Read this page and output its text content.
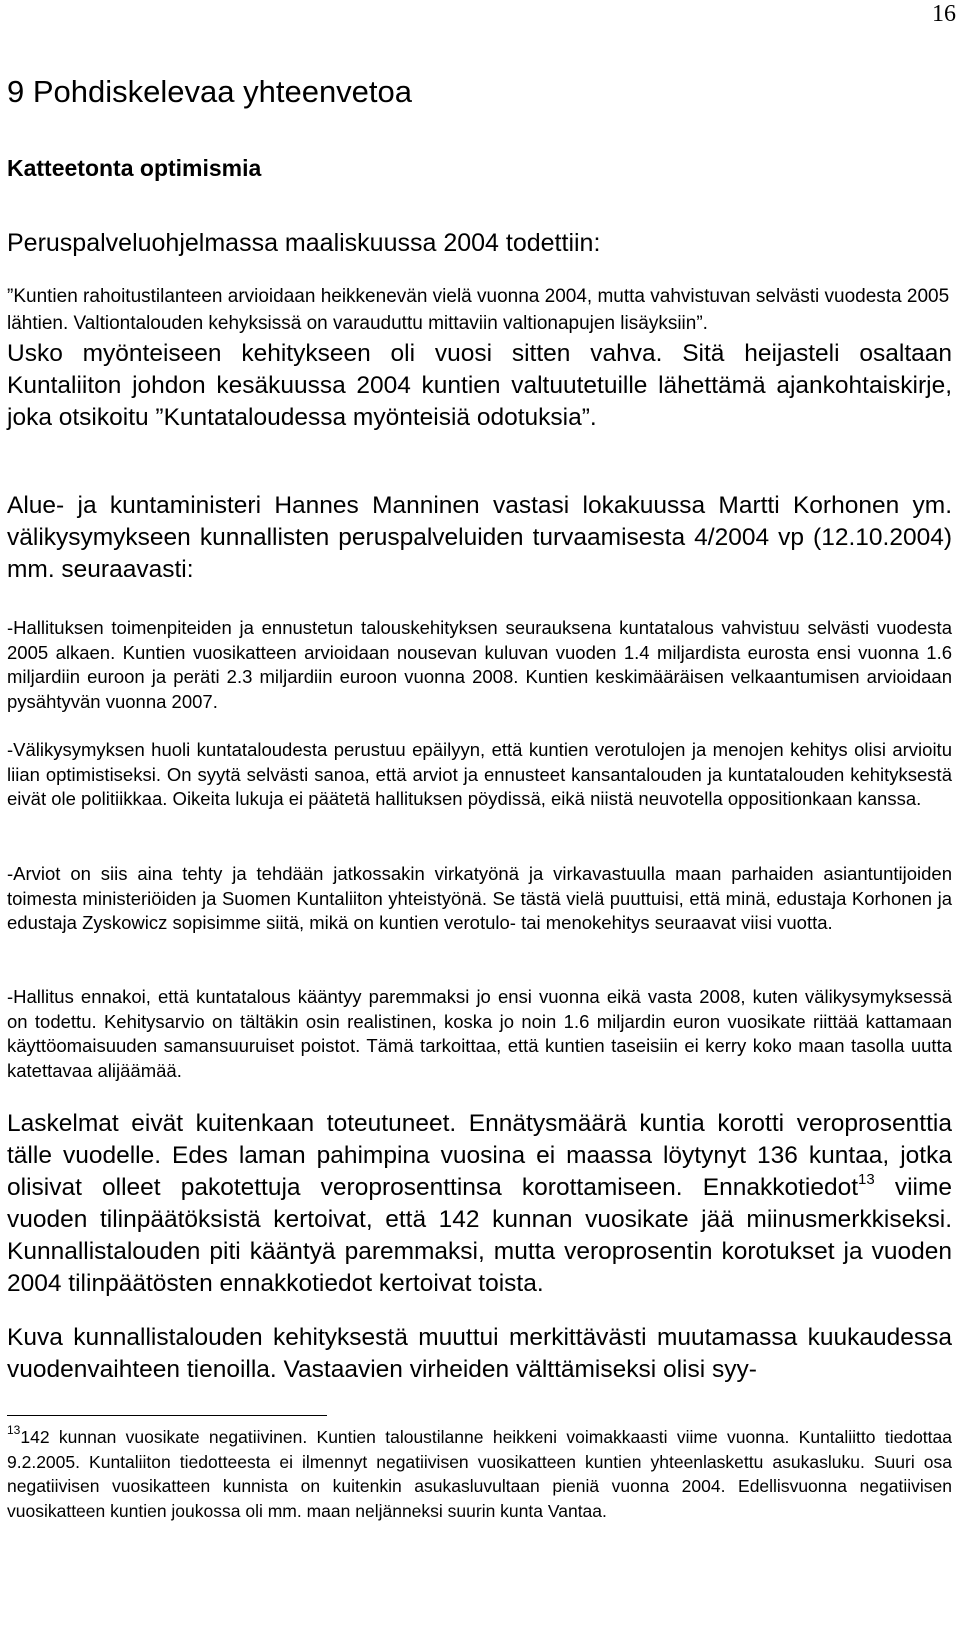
16
9 Pohdiskelevaa yhteenvetoa
Katteetonta optimismia

Peruspalveluohjelmassa maaliskuussa 2004 todettiin:

”Kuntien rahoitustilanteen arvioidaan heikkenevän vielä vuonna 2004, mutta vahvistuvan selvästi vuodesta 2005 lähtien. Valtiontalouden kehyksissä on varauduttu mittaviin valtionapujen lisäyksiin”.

Usko myönteiseen kehitykseen oli vuosi sitten vahva. Sitä heijasteli osaltaan Kuntaliiton johdon kesäkuussa 2004 kuntien valtuutetuille lähettämä ajankohtaiskirje, joka otsikoitu ”Kuntataloudessa myönteisiä odotuksia”.

Alue- ja kuntaministeri Hannes Manninen vastasi lokakuussa Martti Korhonen ym. välikysymykseen kunnallisten peruspalveluiden turvaamisesta 4/2004 vp (12.10.2004) mm. seuraavasti:

-Hallituksen toimenpiteiden ja ennustetun talouskehityksen seurauksena kuntatalous vahvistuu selvästi vuodesta 2005 alkaen. Kuntien vuosikatteen arvioidaan nousevan kuluvan vuoden 1.4 miljardista eurosta ensi vuonna 1.6 miljardiin euroon ja peräti 2.3 miljardiin euroon vuonna 2008. Kuntien keskimääräisen velkaantumisen arvioidaan pysähtyvän vuonna 2007.

-Välikysymyksen huoli kuntataloudesta perustuu epäilyyn, että kuntien verotulojen ja menojen kehitys olisi arvioitu liian optimistiseksi. On syytä selvästi sanoa, että arviot ja ennusteet kansantalouden ja kuntatalouden kehityksestä eivät ole politiikkaa. Oikeita lukuja ei päätetä hallituksen pöydissä, eikä niistä neuvotella oppositionkaan kanssa.

-Arviot on siis aina tehty ja tehdään jatkossakin virkatyönä ja virkavastuulla maan parhaiden asiantuntijoiden toimesta ministeriöiden ja Suomen Kuntaliiton yhteistyönä. Se tästä vielä puuttuisi, että minä, edustaja Korhonen ja edustaja Zyskowicz sopisimme siitä, mikä on kuntien verotulo- tai menokehitys seuraavat viisi vuotta.

-Hallitus ennakoi, että kuntatalous kääntyy paremmaksi jo ensi vuonna eikä vasta 2008, kuten välikysymyksessä on todettu. Kehitysarvio on tältäkin osin realistinen, koska jo noin 1.6 miljardin euron vuosikate riittää kattamaan käyttöomaisuuden samansuuruiset poistot. Tämä tarkoittaa, että kuntien taseisiin ei kerry koko maan tasolla uutta katettavaa alijäämää.

Laskelmat eivät kuitenkaan toteutuneet. Ennätysmäärä kuntia korotti veroprosenttia tälle vuodelle. Edes laman pahimpina vuosina ei maassa löytynyt 136 kuntaa, jotka olisivat olleet pakotettuja veroprosenttinsa korottamiseen. Ennakkotiedot$^{13}$ viime vuoden tilinpäätöksistä kertoivat, että 142 kunnan vuosikate jää miinusmerkkiseksi. Kunnallistalouden piti kääntyä paremmaksi, mutta veroprosentin korotukset ja vuoden 2004 tilinpäätösten ennakkotiedot kertoivat toista.

Kuva kunnallistalouden kehityksestä muuttui merkittävästi muutamassa kuukaudessa vuodenvaihteen tienoilla. Vastaavien virheiden välttämiseksi olisi syy-

$^{13}$142 kunnan vuosikate negatiivinen. Kuntien taloustilanne heikkeni voimakkaasti viime vuonna. Kuntaliitto tiedottaa 9.2.2005. Kuntaliiton tiedotteesta ei ilmennyt negatiivisen vuosikatteen kuntien yhteenlaskettu asukasluku. Suuri osa negatiivisen vuosikatteen kunnista on kuitenkin asukasluvultaan pieniä vuonna 2004. Edellisvuonna negatiivisen vuosikatteen kuntien joukossa oli mm. maan neljänneksi suurin kunta Vantaa.
